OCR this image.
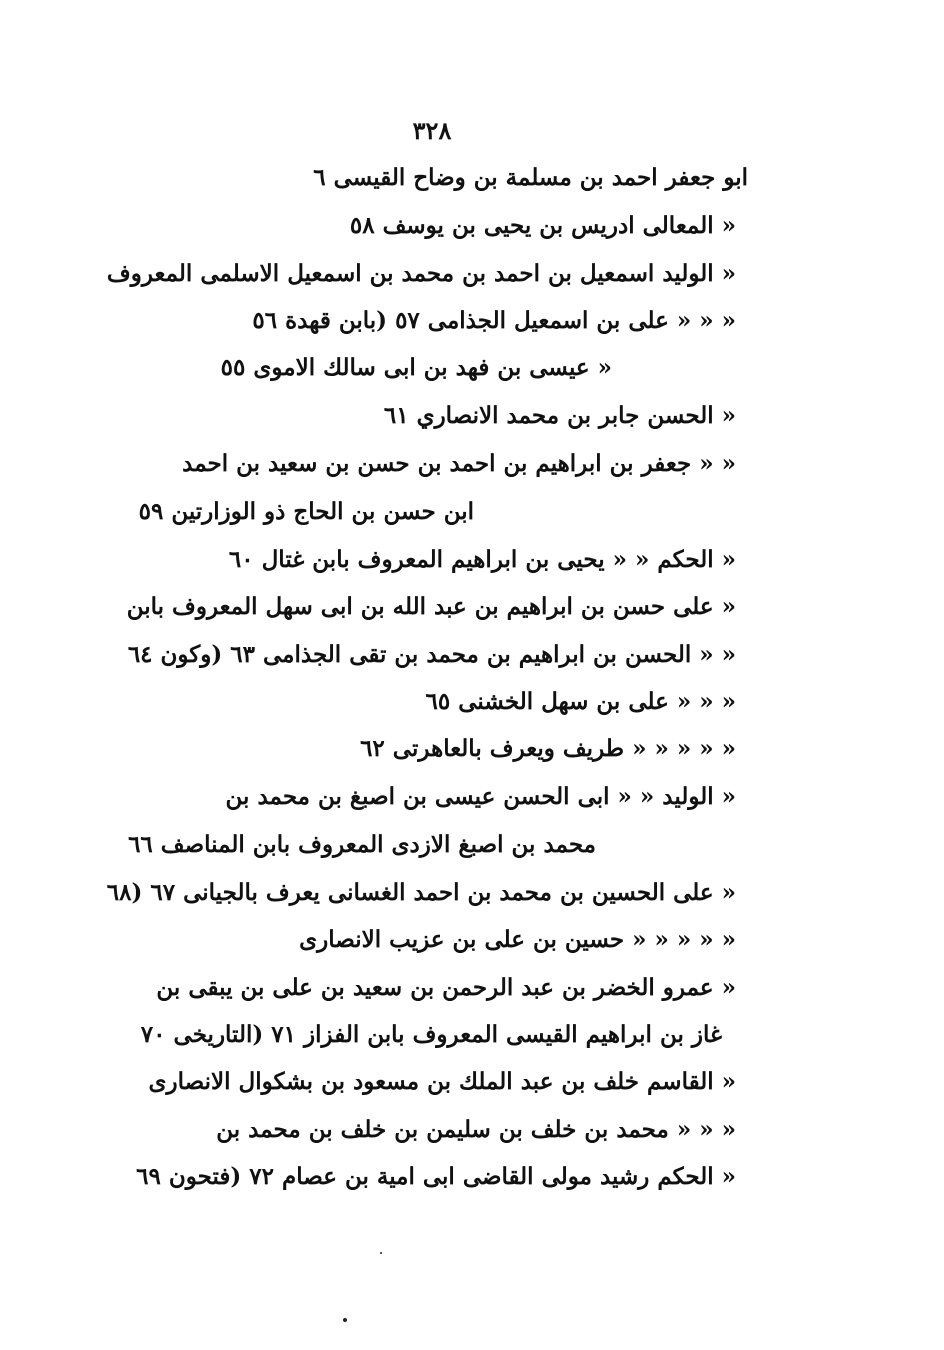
٣٢٨
ابو جعفر احمد بن مسلمة بن وضاح القيسى ٦
« المعالى ادريس بن يحيى بن يوسف ٥٨
« الوليد اسمعيل بن احمد بن محمد بن اسمعيل الاسلمى المعروف
« « « على بن اسمعيل الجذامى ٥٧ (بابن قهدة ٥٦
« عيسى بن فهد بن ابى سالك الاموى ٥٥
« الحسن جابر بن محمد الانصاري ٦١
« « جعفر بن ابراهيم بن احمد بن حسن بن سعيد بن احمد
ابن حسن بن الحاج ذو الوزارتين ٥٩
« الحكم « « يحيى بن ابراهيم المعروف بابن غتال ٦٠
« على حسن بن ابراهيم بن عبد الله بن ابى سهل المعروف بابن
« « الحسن بن ابراهيم بن محمد بن تقى الجذامى ٦٣ (وكون ٦٤
« « « على بن سهل الخشنى ٦٥
« « « « « طريف ويعرف بالعاهرتى ٦٢
« الوليد « « ابى الحسن عيسى بن اصبغ بن محمد بن
محمد بن اصبغ الازدى المعروف بابن المناصف ٦٦
« على الحسين بن محمد بن احمد الغسانى يعرف بالجيانى ٦٧ (٦٨
« « « « « حسين بن على بن عزيب الانصارى
« عمرو الخضر بن عبد الرحمن بن سعيد بن على بن يبقى بن
غاز بن ابراهيم القيسى المعروف بابن الفزاز ٧١ (التاريخى ٧٠
« القاسم خلف بن عبد الملك بن مسعود بن بشكوال الانصارى
« « « محمد بن خلف بن سليمن بن خلف بن محمد بن
« الحكم رشيد مولى القاضى ابى امية بن عصام ٧٢ (فتحون ٦٩
